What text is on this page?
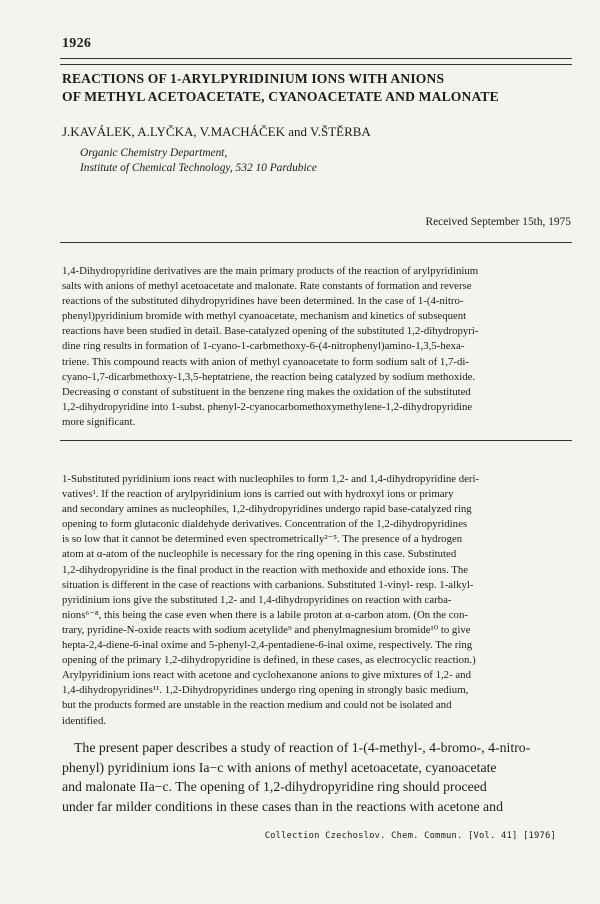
1926
REACTIONS OF 1-ARYLPYRIDINIUM IONS WITH ANIONS
OF METHYL ACETOACETATE, CYANOACETATE AND MALONATE
J.KAVÁLEK, A.LYČKA, V.MACHÁČEK and V.ŠTĚRBA
Organic Chemistry Department,
Institute of Chemical Technology, 532 10 Pardubice
Received September 15th, 1975
1,4-Dihydropyridine derivatives are the main primary products of the reaction of arylpyridinium
salts with anions of methyl acetoacetate and malonate. Rate constants of formation and reverse
reactions of the substituted dihydropyridines have been determined. In the case of 1-(4-nitro-
phenyl)pyridinium bromide with methyl cyanoacetate, mechanism and kinetics of subsequent
reactions have been studied in detail. Base-catalyzed opening of the substituted 1,2-dihydropyri-
dine ring results in formation of 1-cyano-1-carbmethoxy-6-(4-nitrophenyl)amino-1,3,5-hexa-
triene. This compound reacts with anion of methyl cyanoacetate to form sodium salt of 1,7-di-
cyano-1,7-dicarbmethoxy-1,3,5-heptatriene, the reaction being catalyzed by sodium methoxide.
Decreasing σ constant of substituent in the benzene ring makes the oxidation of the substituted
1,2-dihydropyridine into 1-subst. phenyl-2-cyanocarbomethoxymethylene-1,2-dihydropyridine
more significant.
1-Substituted pyridinium ions react with nucleophiles to form 1,2- and 1,4-dihydropyridine deri-
vatives¹. If the reaction of arylpyridinium ions is carried out with hydroxyl ions or primary
and secondary amines as nucleophiles, 1,2-dihydropyridines undergo rapid base-catalyzed ring
opening to form glutaconic dialdehyde derivatives. Concentration of the 1,2-dihydropyridines
is so low that it cannot be determined even spectrometrically²⁻⁵. The presence of a hydrogen
atom at α-atom of the nucleophile is necessary for the ring opening in this case. Substituted
1,2-dihydropyridine is the final product in the reaction with methoxide and ethoxide ions. The
situation is different in the case of reactions with carbanions. Substituted 1-vinyl- resp. 1-alkyl-
pyridinium ions give the substituted 1,2- and 1,4-dihydropyridines on reaction with carba-
nions⁶⁻⁸, this being the case even when there is a labile proton at α-carbon atom. (On the con-
trary, pyridine-N-oxide reacts with sodium acetylide⁹ and phenylmagnesium bromide¹⁰ to give
hepta-2,4-diene-6-inal oxime and 5-phenyl-2,4-pentadiene-6-inal oxime, respectively. The ring
opening of the primary 1,2-dihydropyridine is defined, in these cases, as electrocyclic reaction.)
Arylpyridinium ions react with acetone and cyclohexanone anions to give mixtures of 1,2- and
1,4-dihydropyridines¹¹. 1,2-Dihydropyridines undergo ring opening in strongly basic medium,
but the products formed are unstable in the reaction medium and could not be isolated and
identified.
The present paper describes a study of reaction of 1-(4-methyl-, 4-bromo-, 4-nitro-
phenyl) pyridinium ions Ia−c with anions of methyl acetoacetate, cyanoacetate
and malonate IIa−c. The opening of 1,2-dihydropyridine ring should proceed
under far milder conditions in these cases than in the reactions with acetone and
Collection Czechoslov. Chem. Commun. [Vol. 41] [1976]
